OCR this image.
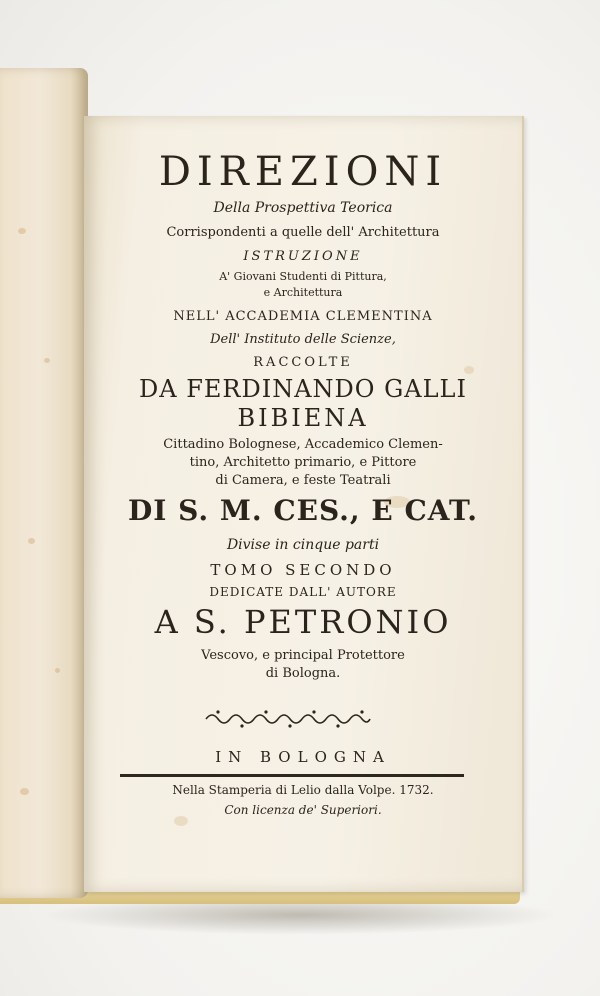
DIREZIONI
Della Prospettiva Teorica
Corrispondenti a quelle dell' Architettura
ISTRUZIONE
A' Giovani Studenti di Pittura,
e Architettura
NELL' ACCADEMIA CLEMENTINA
Dell' Instituto delle Scienze,
RACCOLTE
DA FERDINANDO GALLI
BIBIENA
Cittadino Bolognese, Accademico Clemen-
tino, Architetto primario, e Pittore
di Camera, e feste Teatrali
DI S. M. CES., E CAT.
Divise in cinque parti
TOMO SECONDO
DEDICATE DALL' AUTORE
A S. PETRONIO
Vescovo, e principal Protettore
di Bologna.
IN BOLOGNA
Nella Stamperia di Lelio dalla Volpe. 1732.
Con licenza de' Superiori.
